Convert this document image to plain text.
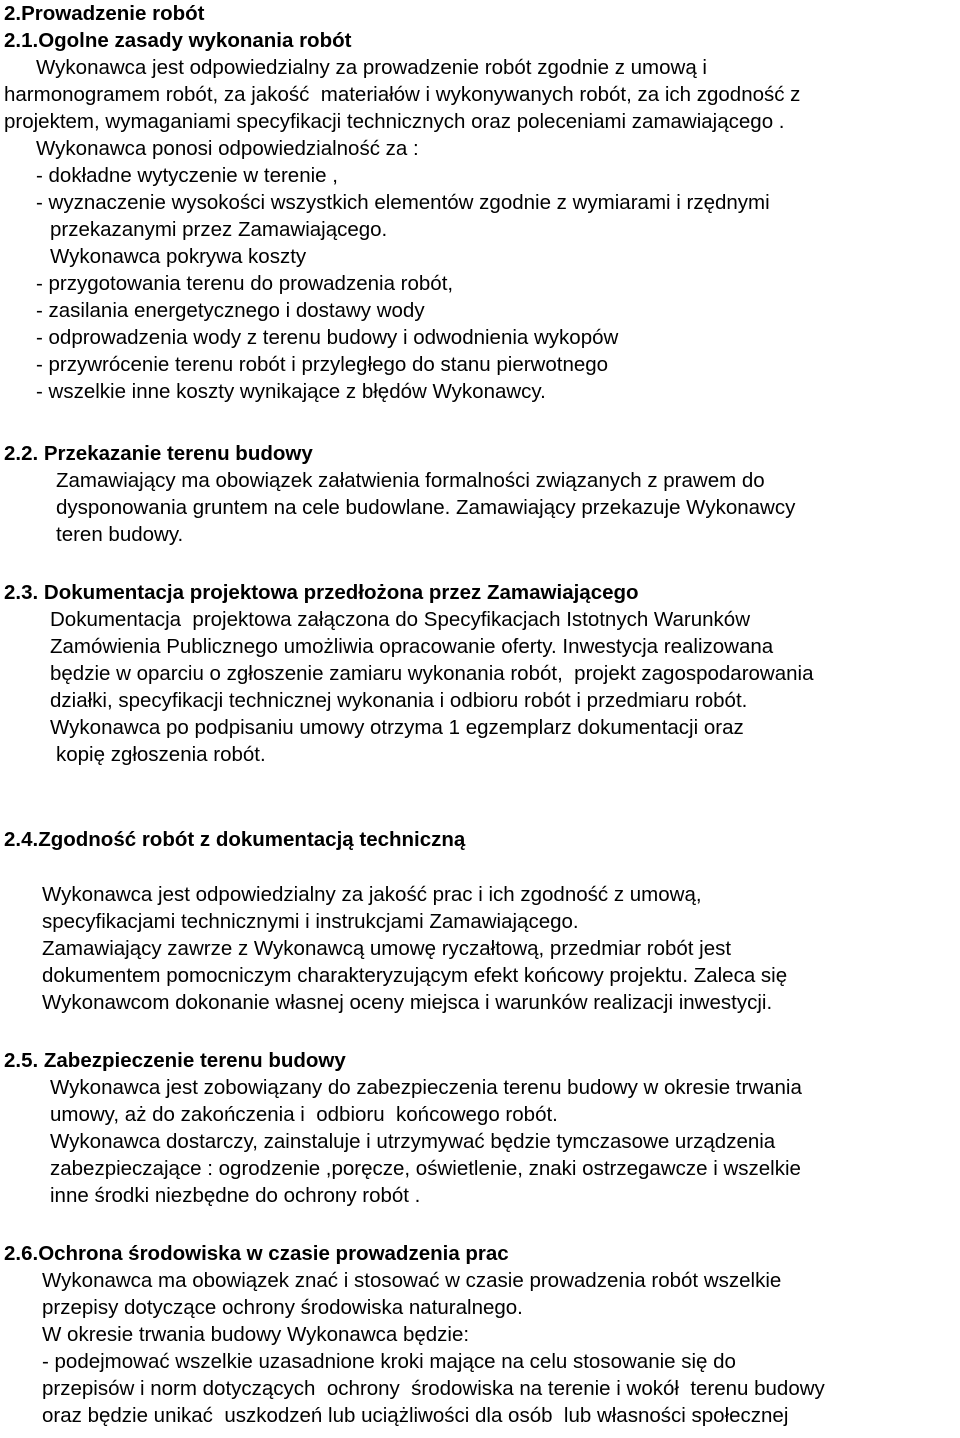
2.Prowadzenie robót
2.1.Ogolne zasady wykonania robót
Wykonawca jest odpowiedzialny za prowadzenie robót zgodnie z umową i
harmonogramem robót, za jakość  materiałów i wykonywanych robót, za ich zgodność z
projektem, wymaganiami specyfikacji technicznych oraz poleceniami zamawiającego .
Wykonawca ponosi odpowiedzialność za :
- dokładne wytyczenie w terenie ,
- wyznaczenie wysokości wszystkich elementów zgodnie z wymiarami i rzędnymi
przekazanymi przez Zamawiającego.
Wykonawca pokrywa koszty
- przygotowania terenu do prowadzenia robót,
- zasilania energetycznego i dostawy wody
- odprowadzenia wody z terenu budowy i odwodnienia wykopów
- przywrócenie terenu robót i przyległego do stanu pierwotnego
- wszelkie inne koszty wynikające z błędów Wykonawcy.
2.2. Przekazanie terenu budowy
Zamawiający ma obowiązek załatwienia formalności związanych z prawem do
dysponowania gruntem na cele budowlane. Zamawiający przekazuje Wykonawcy
teren budowy.
2.3. Dokumentacja projektowa przedłożona przez Zamawiającego
Dokumentacja  projektowa załączona do Specyfikacjach Istotnych Warunków
Zamówienia Publicznego umożliwia opracowanie oferty. Inwestycja realizowana
będzie w oparciu o zgłoszenie zamiaru wykonania robót,  projekt zagospodarowania
działki, specyfikacji technicznej wykonania i odbioru robót i przedmiaru robót.
Wykonawca po podpisaniu umowy otrzyma 1 egzemplarz dokumentacji oraz
kopię zgłoszenia robót.
2.4.Zgodność robót z dokumentacją techniczną
Wykonawca jest odpowiedzialny za jakość prac i ich zgodność z umową,
specyfikacjami technicznymi i instrukcjami Zamawiającego.
Zamawiający zawrze z Wykonawcą umowę ryczałtową, przedmiar robót jest
dokumentem pomocniczym charakteryzującym efekt końcowy projektu. Zaleca się
Wykonawcom dokonanie własnej oceny miejsca i warunków realizacji inwestycji.
2.5. Zabezpieczenie terenu budowy
Wykonawca jest zobowiązany do zabezpieczenia terenu budowy w okresie trwania
umowy, aż do zakończenia i  odbioru  końcowego robót.
Wykonawca dostarczy, zainstaluje i utrzymywać będzie tymczasowe urządzenia
zabezpieczające : ogrodzenie ,poręcze, oświetlenie, znaki ostrzegawcze i wszelkie
inne środki niezbędne do ochrony robót .
2.6.Ochrona środowiska w czasie prowadzenia prac
Wykonawca ma obowiązek znać i stosować w czasie prowadzenia robót wszelkie
przepisy dotyczące ochrony środowiska naturalnego.
W okresie trwania budowy Wykonawca będzie:
- podejmować wszelkie uzasadnione kroki mające na celu stosowanie się do
przepisów i norm dotyczących  ochrony  środowiska na terenie i wokół  terenu budowy
oraz będzie unikać  uszkodzeń lub uciążliwości dla osób  lub własności społecznej
